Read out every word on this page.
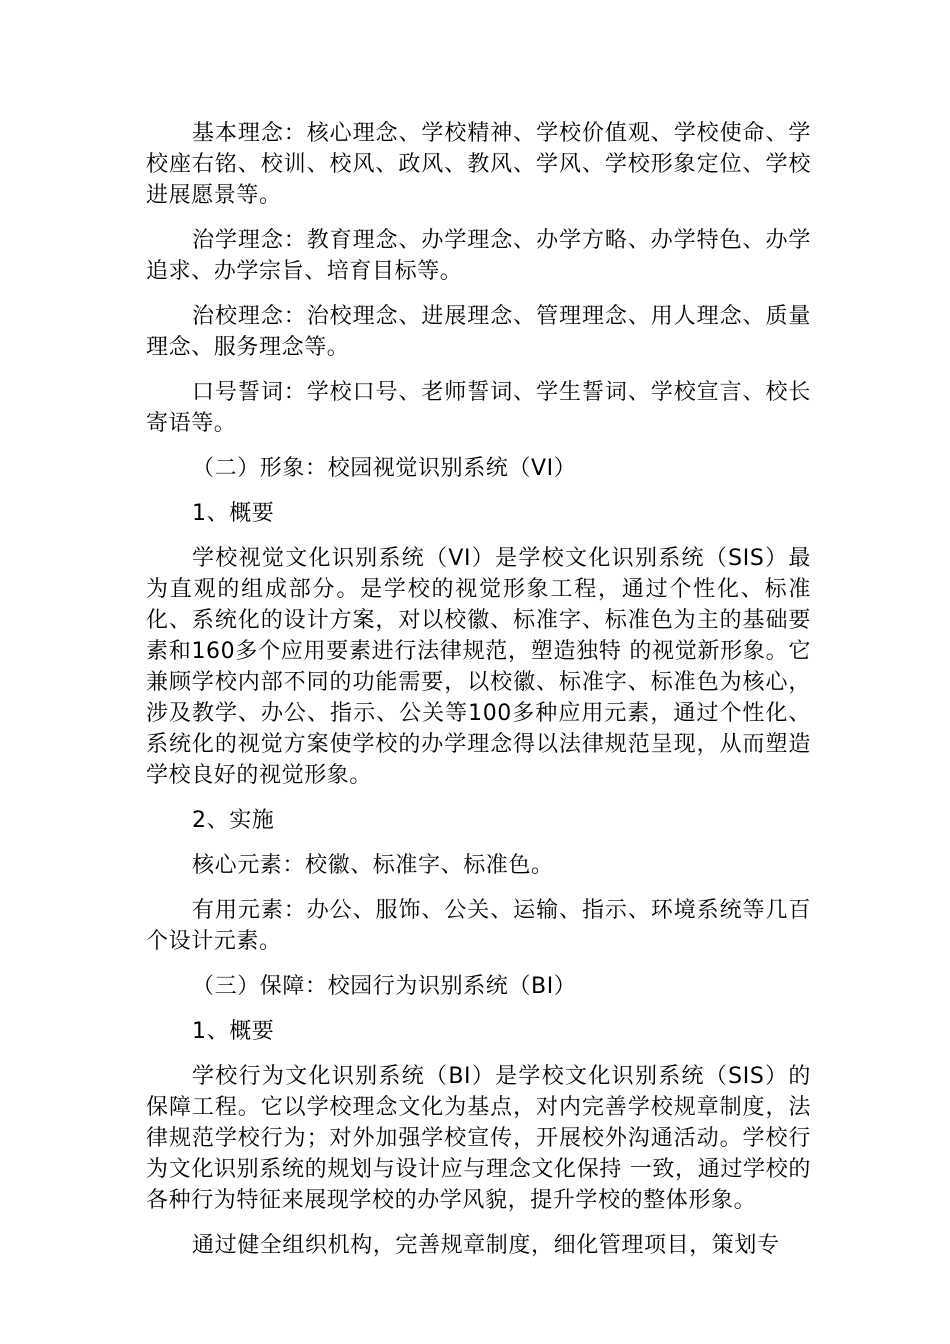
基本理念：核心理念、学校精神、学校价值观、学校使命、学校座右铭、校训、校风、政风、教风、学风、学校形象定位、学校进展愿景等。

治学理念：教育理念、办学理念、办学方略、办学特色、办学追求、办学宗旨、培育目标等。

治校理念：治校理念、进展理念、管理理念、用人理念、质量理念、服务理念等。

口号誓词：学校口号、老师誓词、学生誓词、学校宣言、校长寄语等。

（二）形象：校园视觉识别系统（VI）

1、概要

学校视觉文化识别系统（VI）是学校文化识别系统（SIS）最为直观的组成部分。是学校的视觉形象工程，通过个性化、标准化、系统化的设计方案，对以校徽、标准字、标准色为主的基础要素和160多个应用要素进行法律规范，塑造独特 的视觉新形象。它兼顾学校内部不同的功能需要，以校徽、标准字、标准色为核心，涉及教学、办公、指示、公关等100多种应用元素，通过个性化、系统化的视觉方案使学校的办学理念得以法律规范呈现，从而塑造学校良好的视觉形象。

2、实施

核心元素：校徽、标准字、标准色。

有用元素：办公、服饰、公关、运输、指示、环境系统等几百个设计元素。

（三）保障：校园行为识别系统（BI）

1、概要

学校行为文化识别系统（BI）是学校文化识别系统（SIS）的保障工程。它以学校理念文化为基点，对内完善学校规章制度，法律规范学校行为；对外加强学校宣传，开展校外沟通活动。学校行为文化识别系统的规划与设计应与理念文化保持 一致，通过学校的各种行为特征来展现学校的办学风貌，提升学校的整体形象。

通过健全组织机构，完善规章制度，细化管理项目，策划专
